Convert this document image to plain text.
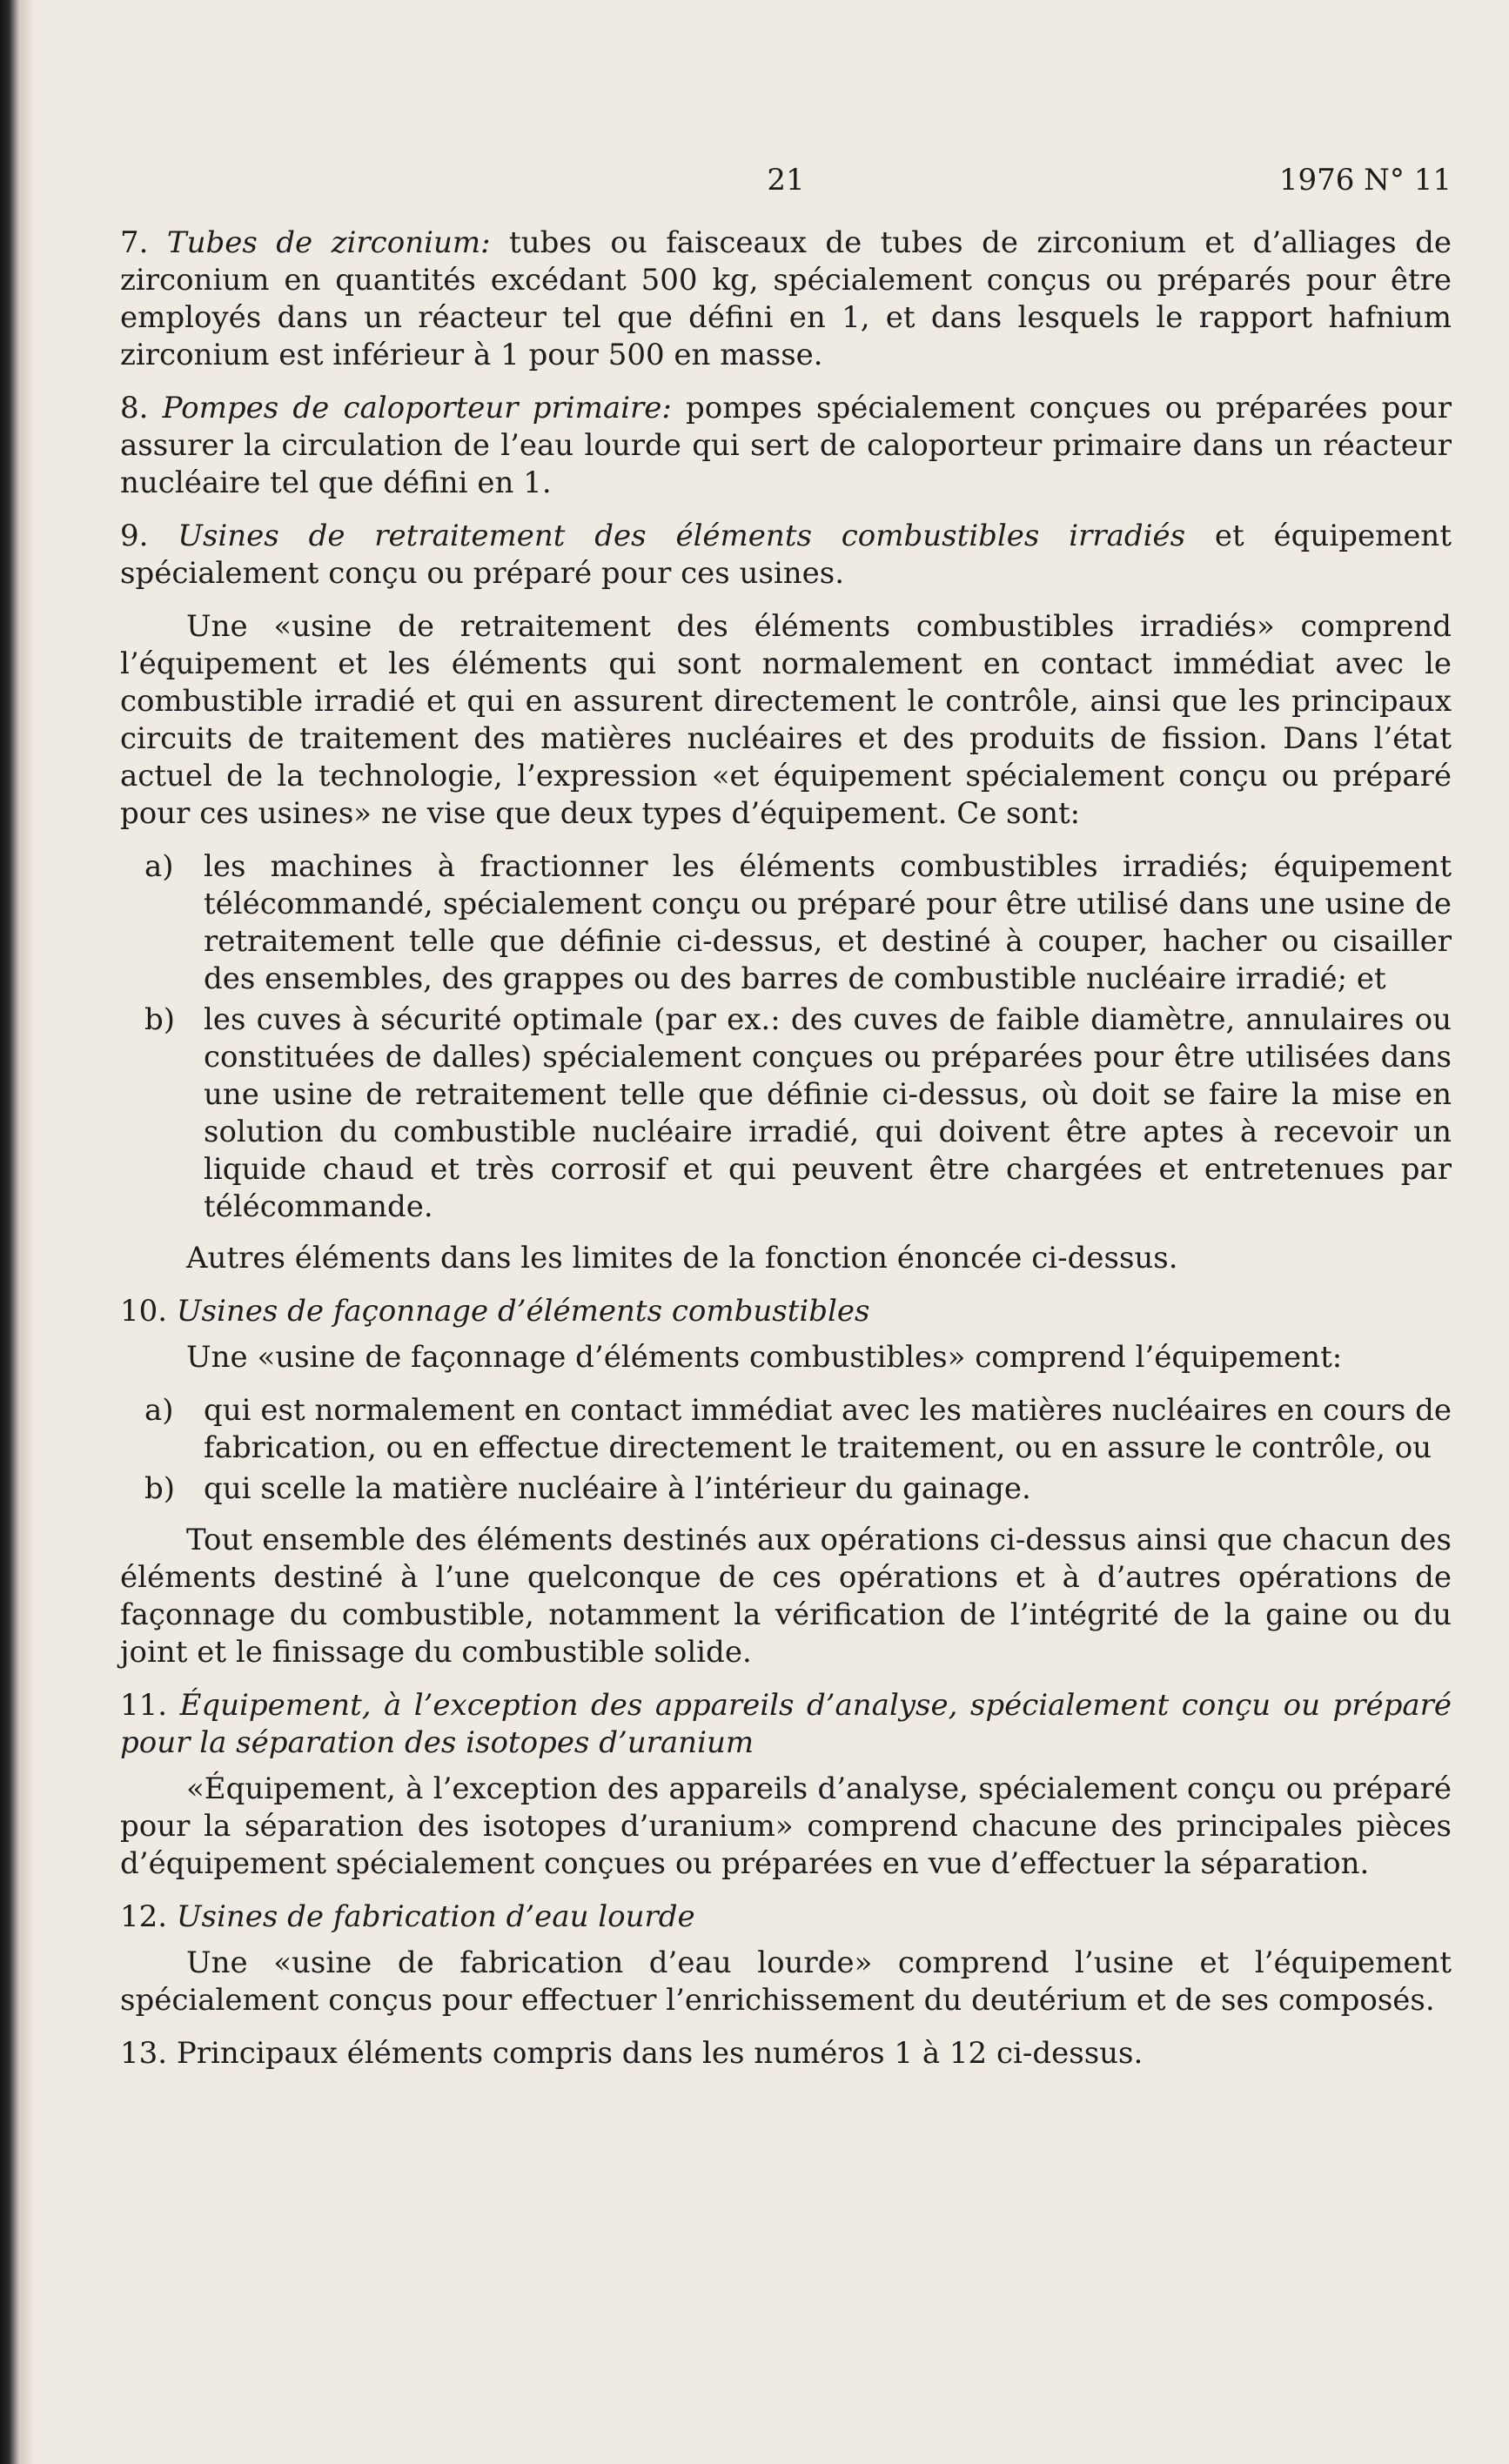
21	1976 N° 11

7. Tubes de zirconium: tubes ou faisceaux de tubes de zirconium et d’alliages de zirconium en quantités excédant 500 kg, spécialement conçus ou préparés pour être employés dans un réacteur tel que défini en 1, et dans lesquels le rapport hafnium zirconium est inférieur à 1 pour 500 en masse.

8. Pompes de caloporteur primaire: pompes spécialement conçues ou préparées pour assurer la circulation de l’eau lourde qui sert de caloporteur primaire dans un réacteur nucléaire tel que défini en 1.

9. Usines de retraitement des éléments combustibles irradiés et équipement spécialement conçu ou préparé pour ces usines.

Une «usine de retraitement des éléments combustibles irradiés» comprend l’équipement et les éléments qui sont normalement en contact immédiat avec le combustible irradié et qui en assurent directement le contrôle, ainsi que les principaux circuits de traitement des matières nucléaires et des produits de fission. Dans l’état actuel de la technologie, l’expression «et équipement spécialement conçu ou préparé pour ces usines» ne vise que deux types d’équipement. Ce sont:

a) les machines à fractionner les éléments combustibles irradiés; équipement télécommandé, spécialement conçu ou préparé pour être utilisé dans une usine de retraitement telle que définie ci-dessus, et destiné à couper, hacher ou cisailler des ensembles, des grappes ou des barres de combustible nucléaire irradié; et
b) les cuves à sécurité optimale (par ex.: des cuves de faible diamètre, annulaires ou constituées de dalles) spécialement conçues ou préparées pour être utilisées dans une usine de retraitement telle que définie ci-dessus, où doit se faire la mise en solution du combustible nucléaire irradié, qui doivent être aptes à recevoir un liquide chaud et très corrosif et qui peuvent être chargées et entretenues par télécommande.

Autres éléments dans les limites de la fonction énoncée ci-dessus.

10. Usines de façonnage d’éléments combustibles

Une «usine de façonnage d’éléments combustibles» comprend l’équipement:

a) qui est normalement en contact immédiat avec les matières nucléaires en cours de fabrication, ou en effectue directement le traitement, ou en assure le contrôle, ou
b) qui scelle la matière nucléaire à l’intérieur du gainage.

Tout ensemble des éléments destinés aux opérations ci-dessus ainsi que chacun des éléments destiné à l’une quelconque de ces opérations et à d’autres opérations de façonnage du combustible, notamment la vérification de l’intégrité de la gaine ou du joint et le finissage du combustible solide.

11. Équipement, à l’exception des appareils d’analyse, spécialement conçu ou préparé pour la séparation des isotopes d’uranium

«Équipement, à l’exception des appareils d’analyse, spécialement conçu ou préparé pour la séparation des isotopes d’uranium» comprend chacune des principales pièces d’équipement spécialement conçues ou préparées en vue d’effectuer la séparation.

12. Usines de fabrication d’eau lourde

Une «usine de fabrication d’eau lourde» comprend l’usine et l’équipement spécialement conçus pour effectuer l’enrichissement du deutérium et de ses composés.

13. Principaux éléments compris dans les numéros 1 à 12 ci-dessus.
